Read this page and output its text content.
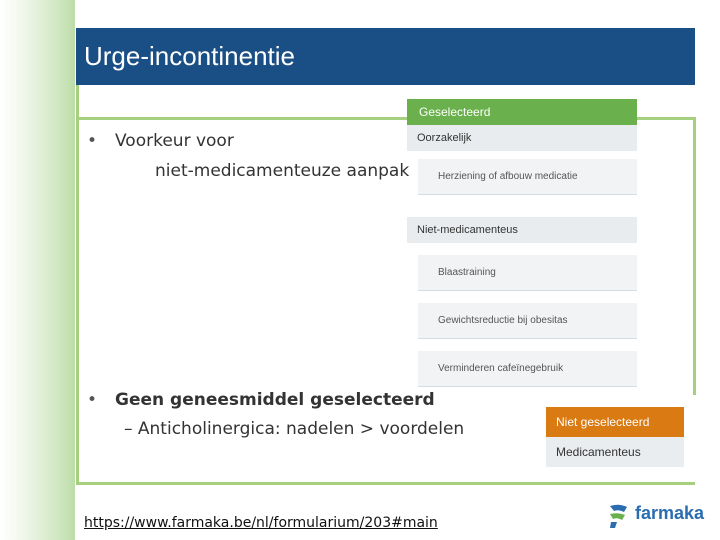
Urge-incontinentie
• Voorkeur voor
niet-medicamenteuze aanpak
• Geen geneesmiddel geselecteerd
– Anticholinergica: nadelen > voordelen
Geselecteerd
Oorzakelijk
Herziening of afbouw medicatie
Niet-medicamenteus
Blaastraining
Gewichtsreductie bij obesitas
Verminderen cafeïnegebruik
Niet geselecteerd
Medicamenteus
https://www.farmaka.be/nl/formularium/203#main	farmaka
